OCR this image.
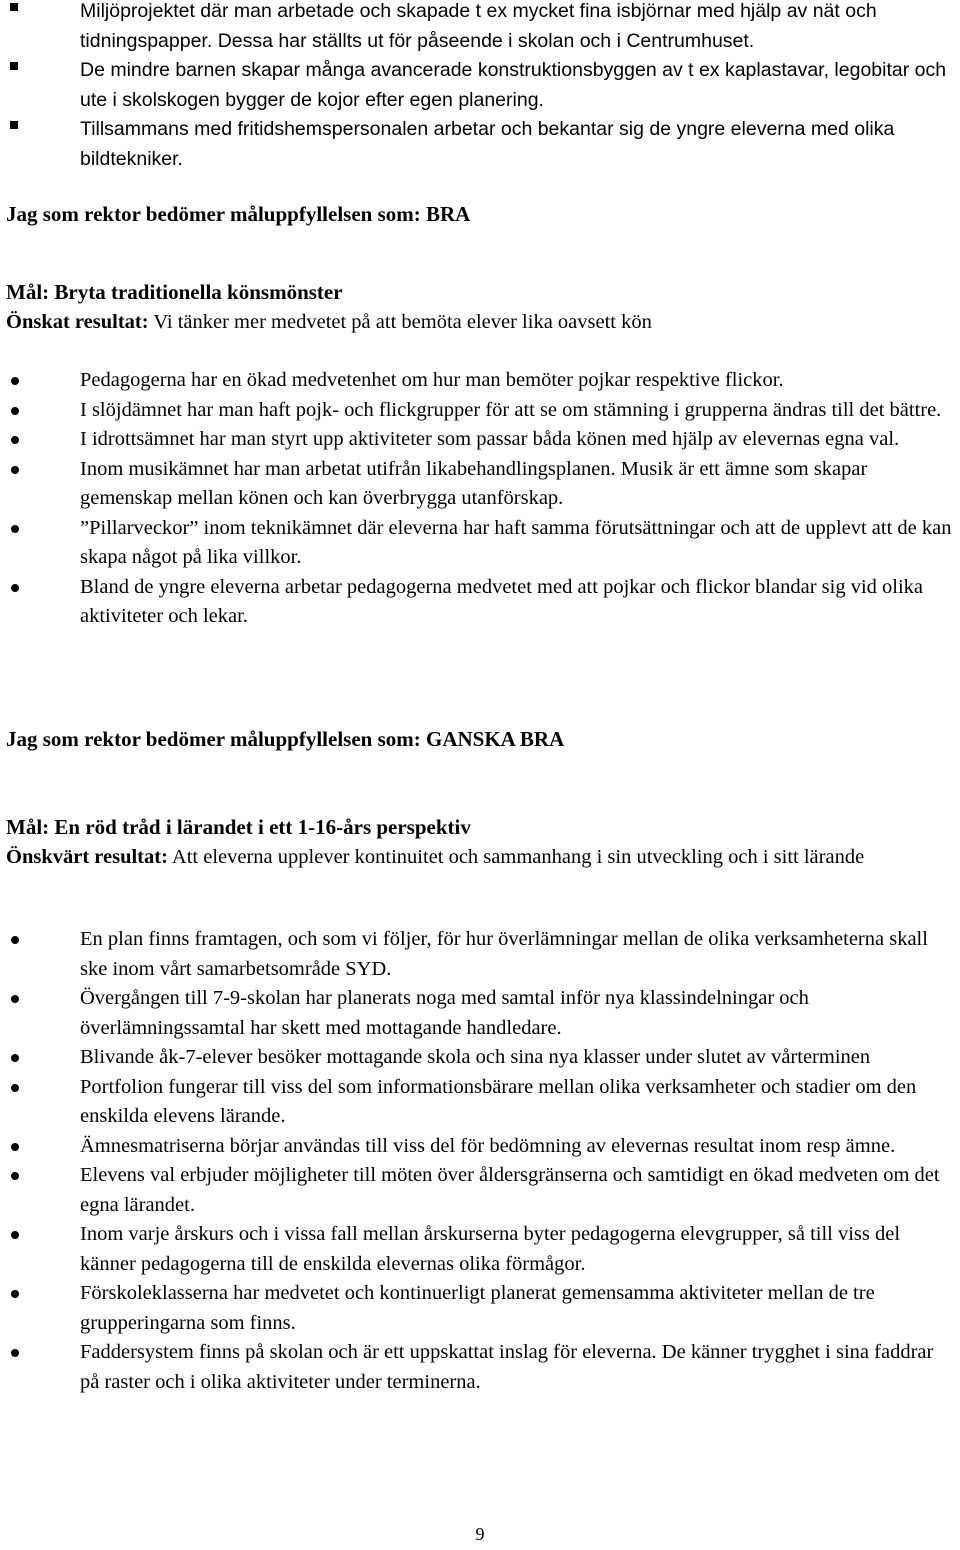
Miljöprojektet där man arbetade och skapade t ex mycket fina isbjörnar med hjälp av nät och tidningspapper. Dessa har ställts ut för påseende i skolan och i Centrumhuset.
De mindre barnen skapar många avancerade konstruktionsbyggen av t ex kaplastavar, legobitar och ute i skolskogen bygger de kojor efter egen planering.
Tillsammans med fritidshemspersonalen arbetar och bekantar sig de yngre eleverna med olika bildtekniker.
Jag som rektor bedömer måluppfyllelsen som: BRA
Mål: Bryta traditionella könsmönster
Önskat resultat: Vi tänker mer medvetet på att bemöta elever lika oavsett kön
Pedagogerna har en ökad medvetenhet om hur man bemöter pojkar respektive flickor.
I slöjdämnet har man haft pojk- och flickgrupper för att se om stämning i grupperna ändras till det bättre.
I idrottsämnet har man styrt upp aktiviteter som passar båda könen med hjälp av elevernas egna val.
Inom musikämnet har man arbetat utifrån likabehandlingsplanen. Musik är ett ämne som skapar gemenskap mellan könen och kan överbrygga utanförskap.
”Pillarveckor” inom teknikämnet där eleverna har haft samma förutsättningar och att de upplevt att de kan skapa något på lika villkor.
Bland de yngre eleverna arbetar pedagogerna medvetet med att pojkar och flickor blandar sig vid olika aktiviteter och lekar.
Jag som rektor bedömer måluppfyllelsen som: GANSKA BRA
Mål: En röd tråd i lärandet i ett 1-16-års perspektiv
Önskvärt resultat: Att eleverna upplever kontinuitet och sammanhang i sin utveckling och i sitt lärande
En plan finns framtagen, och som vi följer, för hur överlämningar mellan de olika verksamheterna skall ske inom vårt samarbetsområde SYD.
Övergången till 7-9-skolan har planerats noga med samtal inför nya klassindelningar och överlämningssamtal har skett med mottagande handledare.
Blivande åk-7-elever besöker mottagande skola och sina nya klasser under slutet av vårterminen
Portfolion fungerar till viss del som informationsbärare mellan olika verksamheter och stadier om den enskilda elevens lärande.
Ämnesmatriserna börjar användas till viss del för bedömning av elevernas resultat inom resp ämne.
Elevens val erbjuder möjligheter till möten över åldersgränserna och samtidigt en ökad medveten om det egna lärandet.
Inom varje årskurs och i vissa fall mellan årskurserna byter pedagogerna elevgrupper, så till viss del känner pedagogerna till de enskilda elevernas olika förmågor.
Förskoleklasserna har medvetet och kontinuerligt planerat gemensamma aktiviteter mellan de tre grupperingarna som finns.
Faddersystem finns på skolan och är ett uppskattat inslag för eleverna. De känner trygghet i sina faddrar på raster och i olika aktiviteter under terminerna.
9
